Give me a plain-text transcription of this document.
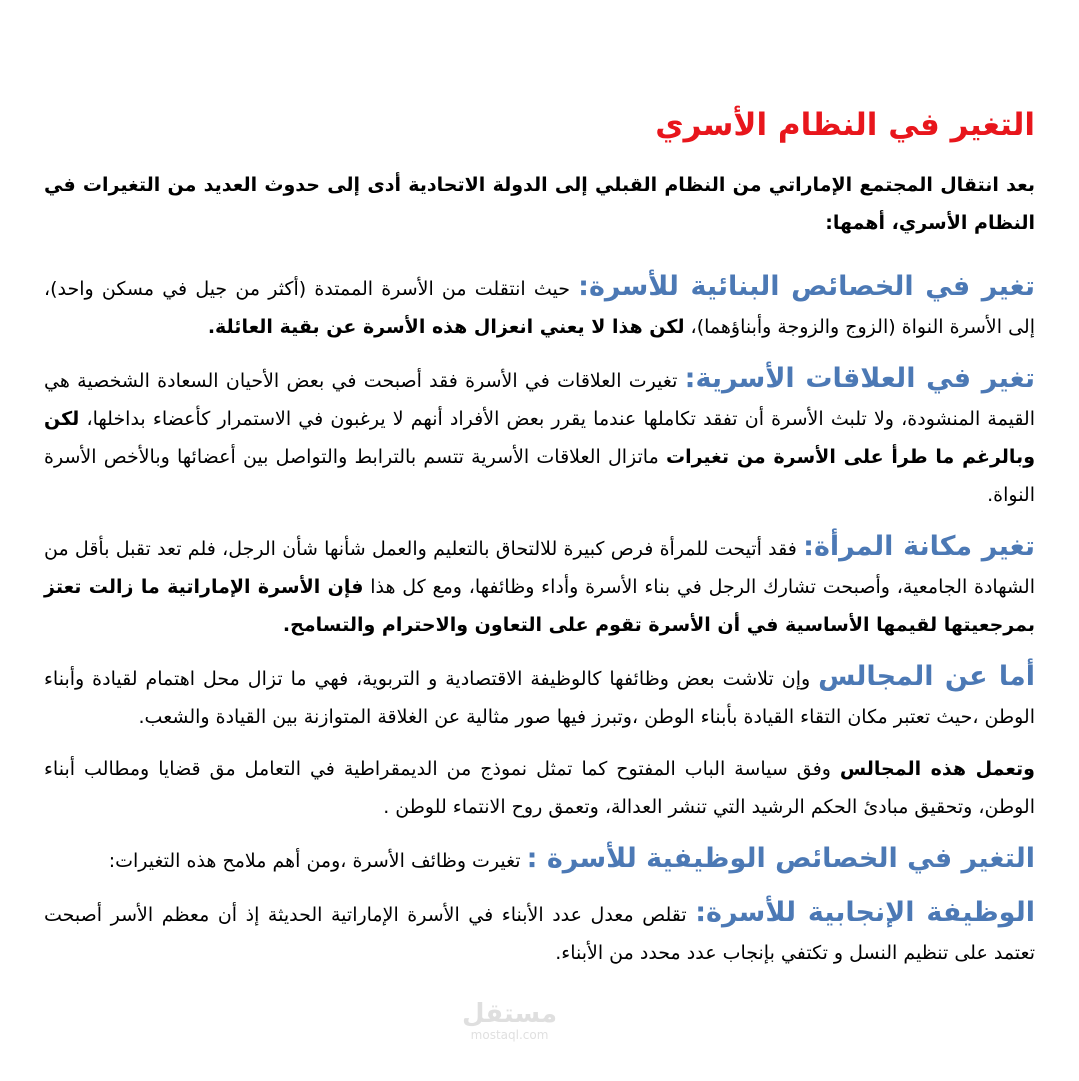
التغير في النظام الأسري

بعد انتقال المجتمع الإماراتي من النظام القبلي إلى الدولة الاتحادية أدى إلى حدوث العديد من التغيرات في النظام الأسري، أهمها:

تغير في الخصائص البنائية للأسرة: حيث انتقلت من الأسرة الممتدة (أكثر من جيل في مسكن واحد)، إلى الأسرة النواة (الزوج والزوجة وأبناؤهما)، لكن هذا لا يعني انعزال هذه الأسرة عن بقية العائلة.

تغير في العلاقات الأسرية: تغيرت العلاقات في الأسرة فقد أصبحت في بعض الأحيان السعادة الشخصية هي القيمة المنشودة، ولا تلبث الأسرة أن تفقد تكاملها عندما يقرر بعض الأفراد أنهم لا يرغبون في الاستمرار كأعضاء بداخلها، لكن وبالرغم ما طرأ على الأسرة من تغيرات ماتزال العلاقات الأسرية تتسم بالترابط والتواصل بين أعضائها وبالأخص الأسرة النواة.

تغير مكانة المرأة: فقد أتيحت للمرأة فرص كبيرة للالتحاق بالتعليم والعمل شأنها شأن الرجل، فلم تعد تقبل بأقل من الشهادة الجامعية، وأصبحت تشارك الرجل في بناء الأسرة وأداء وظائفها، ومع كل هذا فإن الأسرة الإماراتية ما زالت تعتز بمرجعيتها لقيمها الأساسية في أن الأسرة تقوم على التعاون والاحترام والتسامح.

أما عن المجالس وإن تلاشت بعض وظائفها كالوظيفة الاقتصادية و التربوية، فهي ما تزال محل اهتمام لقيادة وأبناء الوطن ،حيث تعتبر مكان التقاء القيادة بأبناء الوطن ،وتبرز فيها صور مثالية عن الغلاقة المتوازنة بين القيادة والشعب.

وتعمل هذه المجالس وفق سياسة الباب المفتوح كما تمثل نموذج من الديمقراطية في التعامل مق قضايا ومطالب أبناء الوطن، وتحقيق مبادئ الحكم الرشيد التي تنشر العدالة، وتعمق روح الانتماء للوطن .

التغير في الخصائص الوظيفية للأسرة : تغيرت وظائف الأسرة ،ومن أهم ملامح هذه التغيرات:

الوظيفة الإنجابية للأسرة: تقلص معدل عدد الأبناء في الأسرة الإماراتية الحديثة إذ أن معظم الأسر أصبحت تعتمد على تنظيم النسل و تكتفي بإنجاب عدد محدد من الأبناء.

مستقل
mostaql.com
